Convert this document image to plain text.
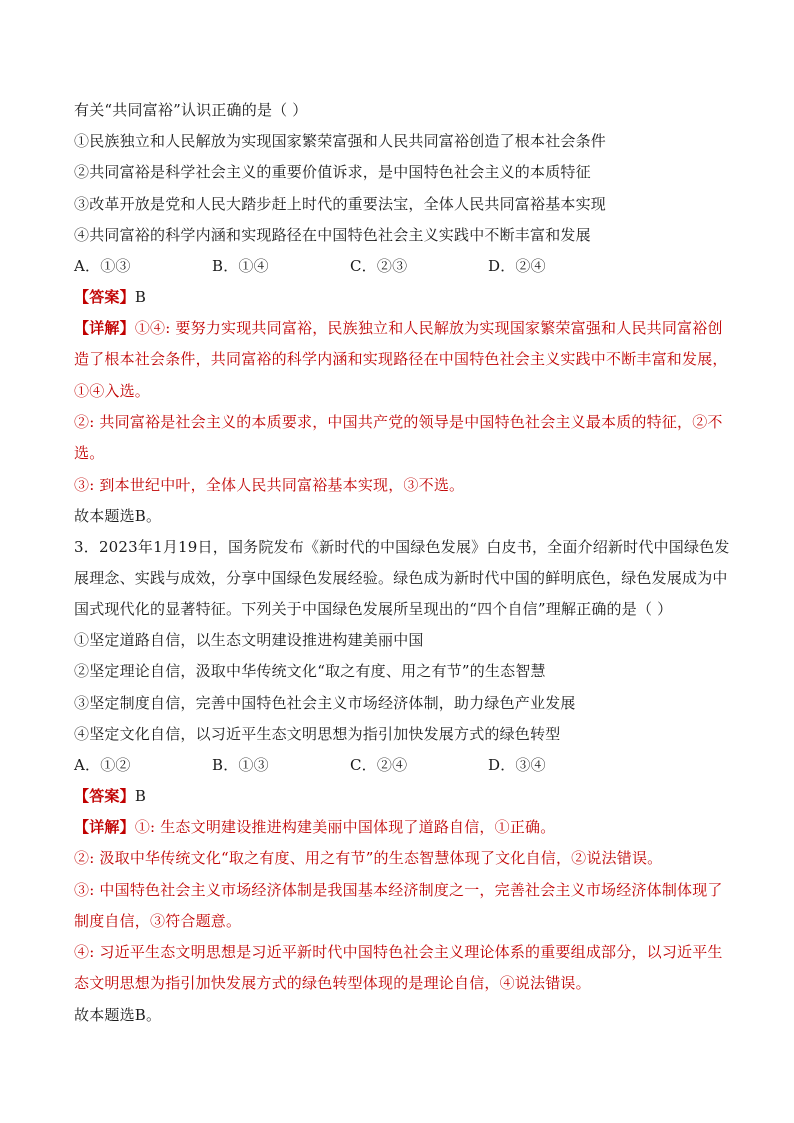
有关“共同富裕”认识正确的是（ ）
①民族独立和人民解放为实现国家繁荣富强和人民共同富裕创造了根本社会条件
②共同富裕是科学社会主义的重要价值诉求，是中国特色社会主义的本质特征
③改革开放是党和人民大踏步赶上时代的重要法宝，全体人民共同富裕基本实现
④共同富裕的科学内涵和实现路径在中国特色社会主义实践中不断丰富和发展
A．①③	B．①④	C．②③	D．②④
【答案】B
【详解】①④: 要努力实现共同富裕，民族独立和人民解放为实现国家繁荣富强和人民共同富裕创
造了根本社会条件，共同富裕的科学内涵和实现路径在中国特色社会主义实践中不断丰富和发展，
①④入选。
②: 共同富裕是社会主义的本质要求，中国共产党的领导是中国特色社会主义最本质的特征，②不
选。
③: 到本世纪中叶，全体人民共同富裕基本实现，③不选。
故本题选B。
3．2023年1月19日，国务院发布《新时代的中国绿色发展》白皮书，全面介绍新时代中国绿色发
展理念、实践与成效，分享中国绿色发展经验。绿色成为新时代中国的鲜明底色，绿色发展成为中
国式现代化的显著特征。下列关于中国绿色发展所呈现出的“四个自信”理解正确的是（ ）
①坚定道路自信，以生态文明建设推进构建美丽中国
②坚定理论自信，汲取中华传统文化“取之有度、用之有节”的生态智慧
③坚定制度自信，完善中国特色社会主义市场经济体制，助力绿色产业发展
④坚定文化自信，以习近平生态文明思想为指引加快发展方式的绿色转型
A．①②	B．①③	C．②④	D．③④
【答案】B
【详解】①: 生态文明建设推进构建美丽中国体现了道路自信，①正确。
②: 汲取中华传统文化“取之有度、用之有节”的生态智慧体现了文化自信，②说法错误。
③: 中国特色社会主义市场经济体制是我国基本经济制度之一，完善社会主义市场经济体制体现了
制度自信，③符合题意。
④: 习近平生态文明思想是习近平新时代中国特色社会主义理论体系的重要组成部分，以习近平生
态文明思想为指引加快发展方式的绿色转型体现的是理论自信，④说法错误。
故本题选B。
